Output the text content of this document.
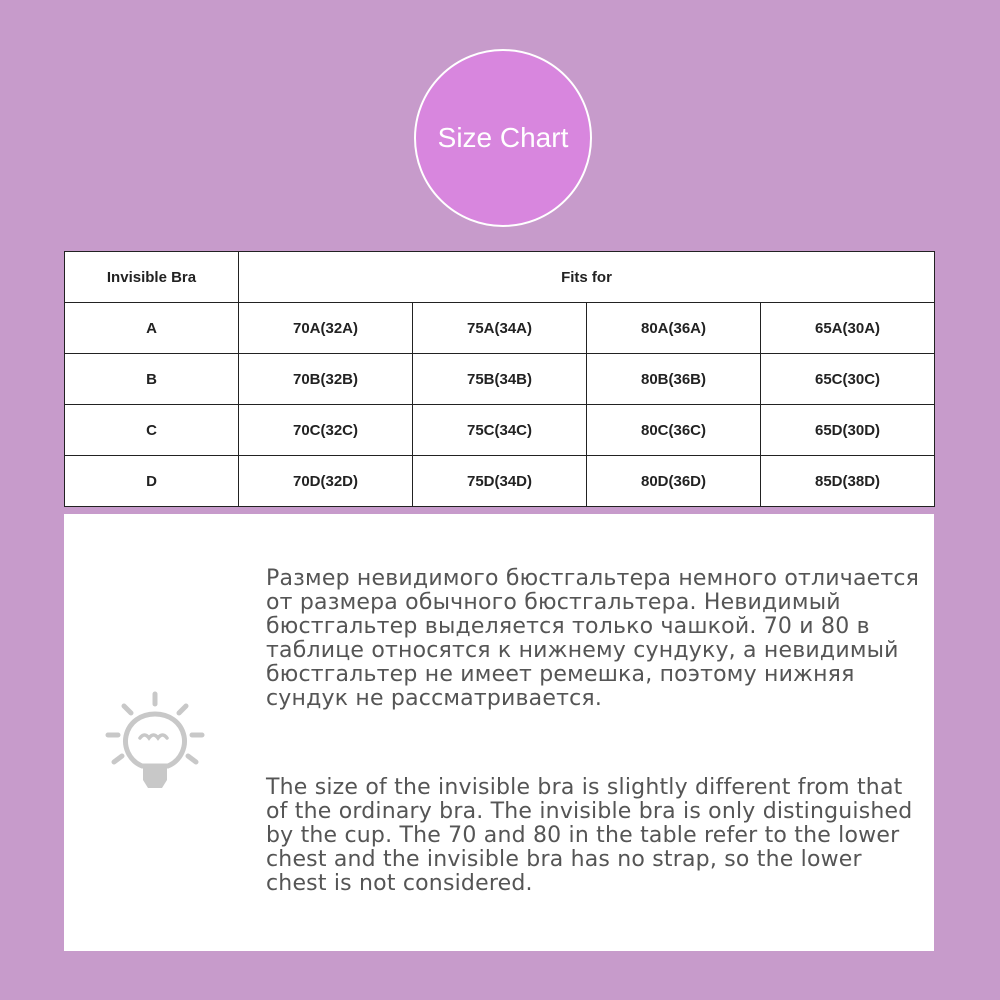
Size Chart
Invisible Bra	Fits for			
A	70A(32A)	75A(34A)	80A(36A)	65A(30A)
B	70B(32B)	75B(34B)	80B(36B)	65C(30C)
C	70C(32C)	75C(34C)	80C(36C)	65D(30D)
D	70D(32D)	75D(34D)	80D(36D)	85D(38D)

Размер невидимого бюстгальтера немного отличается от размера обычного бюстгальтера. Невидимый бюстгальтер выделяется только чашкой. 70 и 80 в таблице относятся к нижнему сундуку, а невидимый бюстгальтер не имеет ремешка, поэтому нижняя сундук не рассматривается.

The size of the invisible bra is slightly different from that of the ordinary bra. The invisible bra is only distinguished by the cup. The 70 and 80 in the table refer to the lower chest and the invisible bra has no strap, so the lower chest is not considered.
